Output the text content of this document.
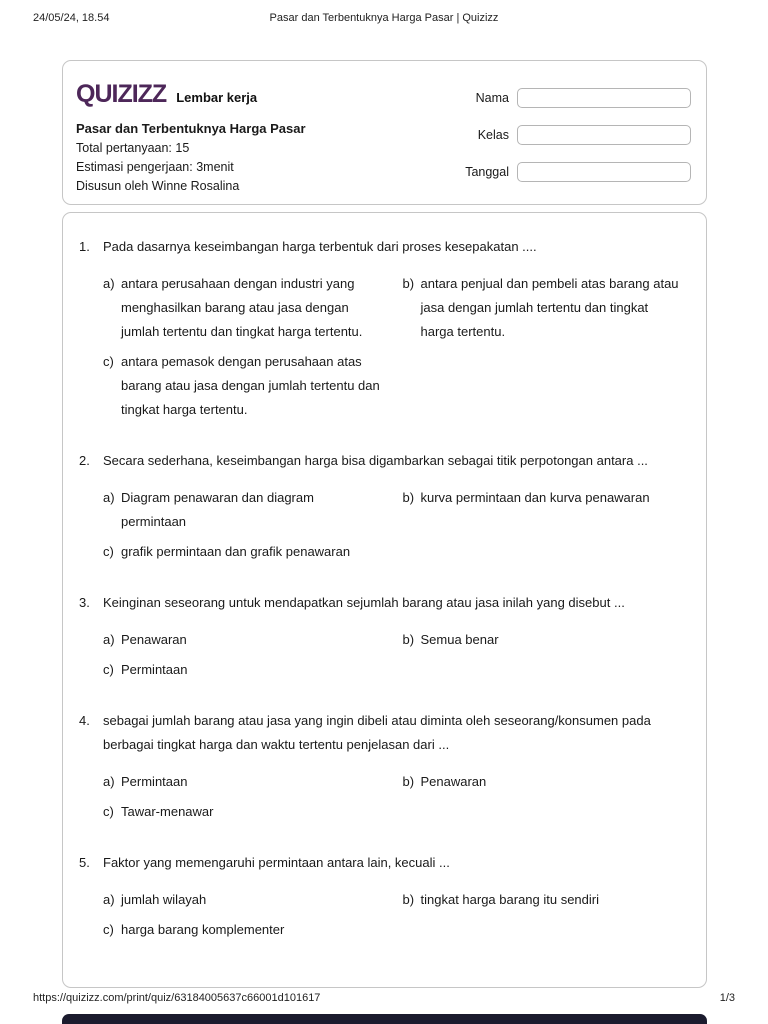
24/05/24, 18.54	Pasar dan Terbentuknya Harga Pasar | Quizizz
QUIZIZZ Lembar kerja
Pasar dan Terbentuknya Harga Pasar
Total pertanyaan: 15
Estimasi pengerjaan: 3menit
Disusun oleh Winne Rosalina
Nama
Kelas
Tanggal
1.	Pada dasarnya keseimbangan harga terbentuk dari proses kesepakatan ....
a) antara perusahaan dengan industri yang menghasilkan barang atau jasa dengan jumlah tertentu dan tingkat harga tertentu.
b) antara penjual dan pembeli atas barang atau jasa dengan jumlah tertentu dan tingkat harga tertentu.
c) antara pemasok dengan perusahaan atas barang atau jasa dengan jumlah tertentu dan tingkat harga tertentu.
2.	Secara sederhana, keseimbangan harga bisa digambarkan sebagai titik perpotongan antara ...
a) Diagram penawaran dan diagram permintaan
b) kurva permintaan dan kurva penawaran
c) grafik permintaan dan grafik penawaran
3.	Keinginan seseorang untuk mendapatkan sejumlah barang atau jasa inilah yang disebut ...
a) Penawaran	b) Semua benar
c) Permintaan
4.	sebagai jumlah barang atau jasa yang ingin dibeli atau diminta oleh seseorang/konsumen pada berbagai tingkat harga dan waktu tertentu penjelasan dari ...
a) Permintaan	b) Penawaran
c) Tawar-menawar
5.	Faktor yang memengaruhi permintaan antara lain, kecuali ...
a) jumlah wilayah	b) tingkat harga barang itu sendiri
c) harga barang komplementer
https://quizizz.com/print/quiz/63184005637c66001d101617	1/3
